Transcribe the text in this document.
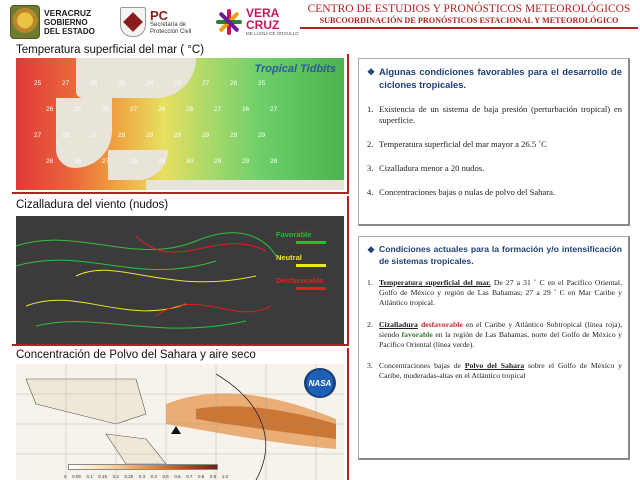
VERACRUZ
GOBIERNO
DEL ESTADO
PC
Secretaría de
Protección Civil
VERA
CRUZ
ME LLENA DE ORGULLO
CENTRO DE ESTUDIOS Y PRONÓSTICOS METEOROLÓGICOS
SUBCOORDINACIÓN DE PRONÓSTICOS ESTACIONAL Y METEOROLÓGICO
Temperatura superficial del mar ( °C)
Tropical Tidbits
25	27	26	25	24	23	27	26	25
26	25	25	27	26	26	27	26	27
27	26	27	28	29	29	29	29	29
28	28	27	28	29	30	29	28	28
Cizalladura del viento (nudos)
Favorable
Neutral
Desfavorable
Concentración de Polvo del Sahara y aire seco
NASA
0 0.05 0.1 0.15 0.2 0.25 0.3 0.4 0.5 0.6 0.7 0.8 0.9 1.0
❖ Algunas condiciones favorables para el desarrollo de ciclones tropicales.
1. Existencia de un sistema de baja presión (perturbación tropical) en superficie.
2. Temperatura superficial del mar mayor a 26.5 ˚C
3. Cizalladura menor a 20 nudos.
4. Concentraciones bajas o nulas de polvo del Sahara.
❖ Condiciones actuales para la formación y/o intensificación de sistemas tropicales.
1. Temperatura superficial del mar. De 27 a 31 ˚ C en el Pacífico Oriental, Golfo de México y región de Las Bahamas; 27 a 29 ˚ C en Mar Caribe y Atlántico tropical.
2. Cizalladura desfavorable en el Caribe y Atlántico Subtropical (línea roja), siendo favorable en la región de Las Bahamas, norte del Golfo de México y Pacífico Oriental (línea verde).
3. Concentraciones bajas de Polvo del Sahara sobre el Golfo de México y Caribe, moderadas-altas en el Atlántico tropical
